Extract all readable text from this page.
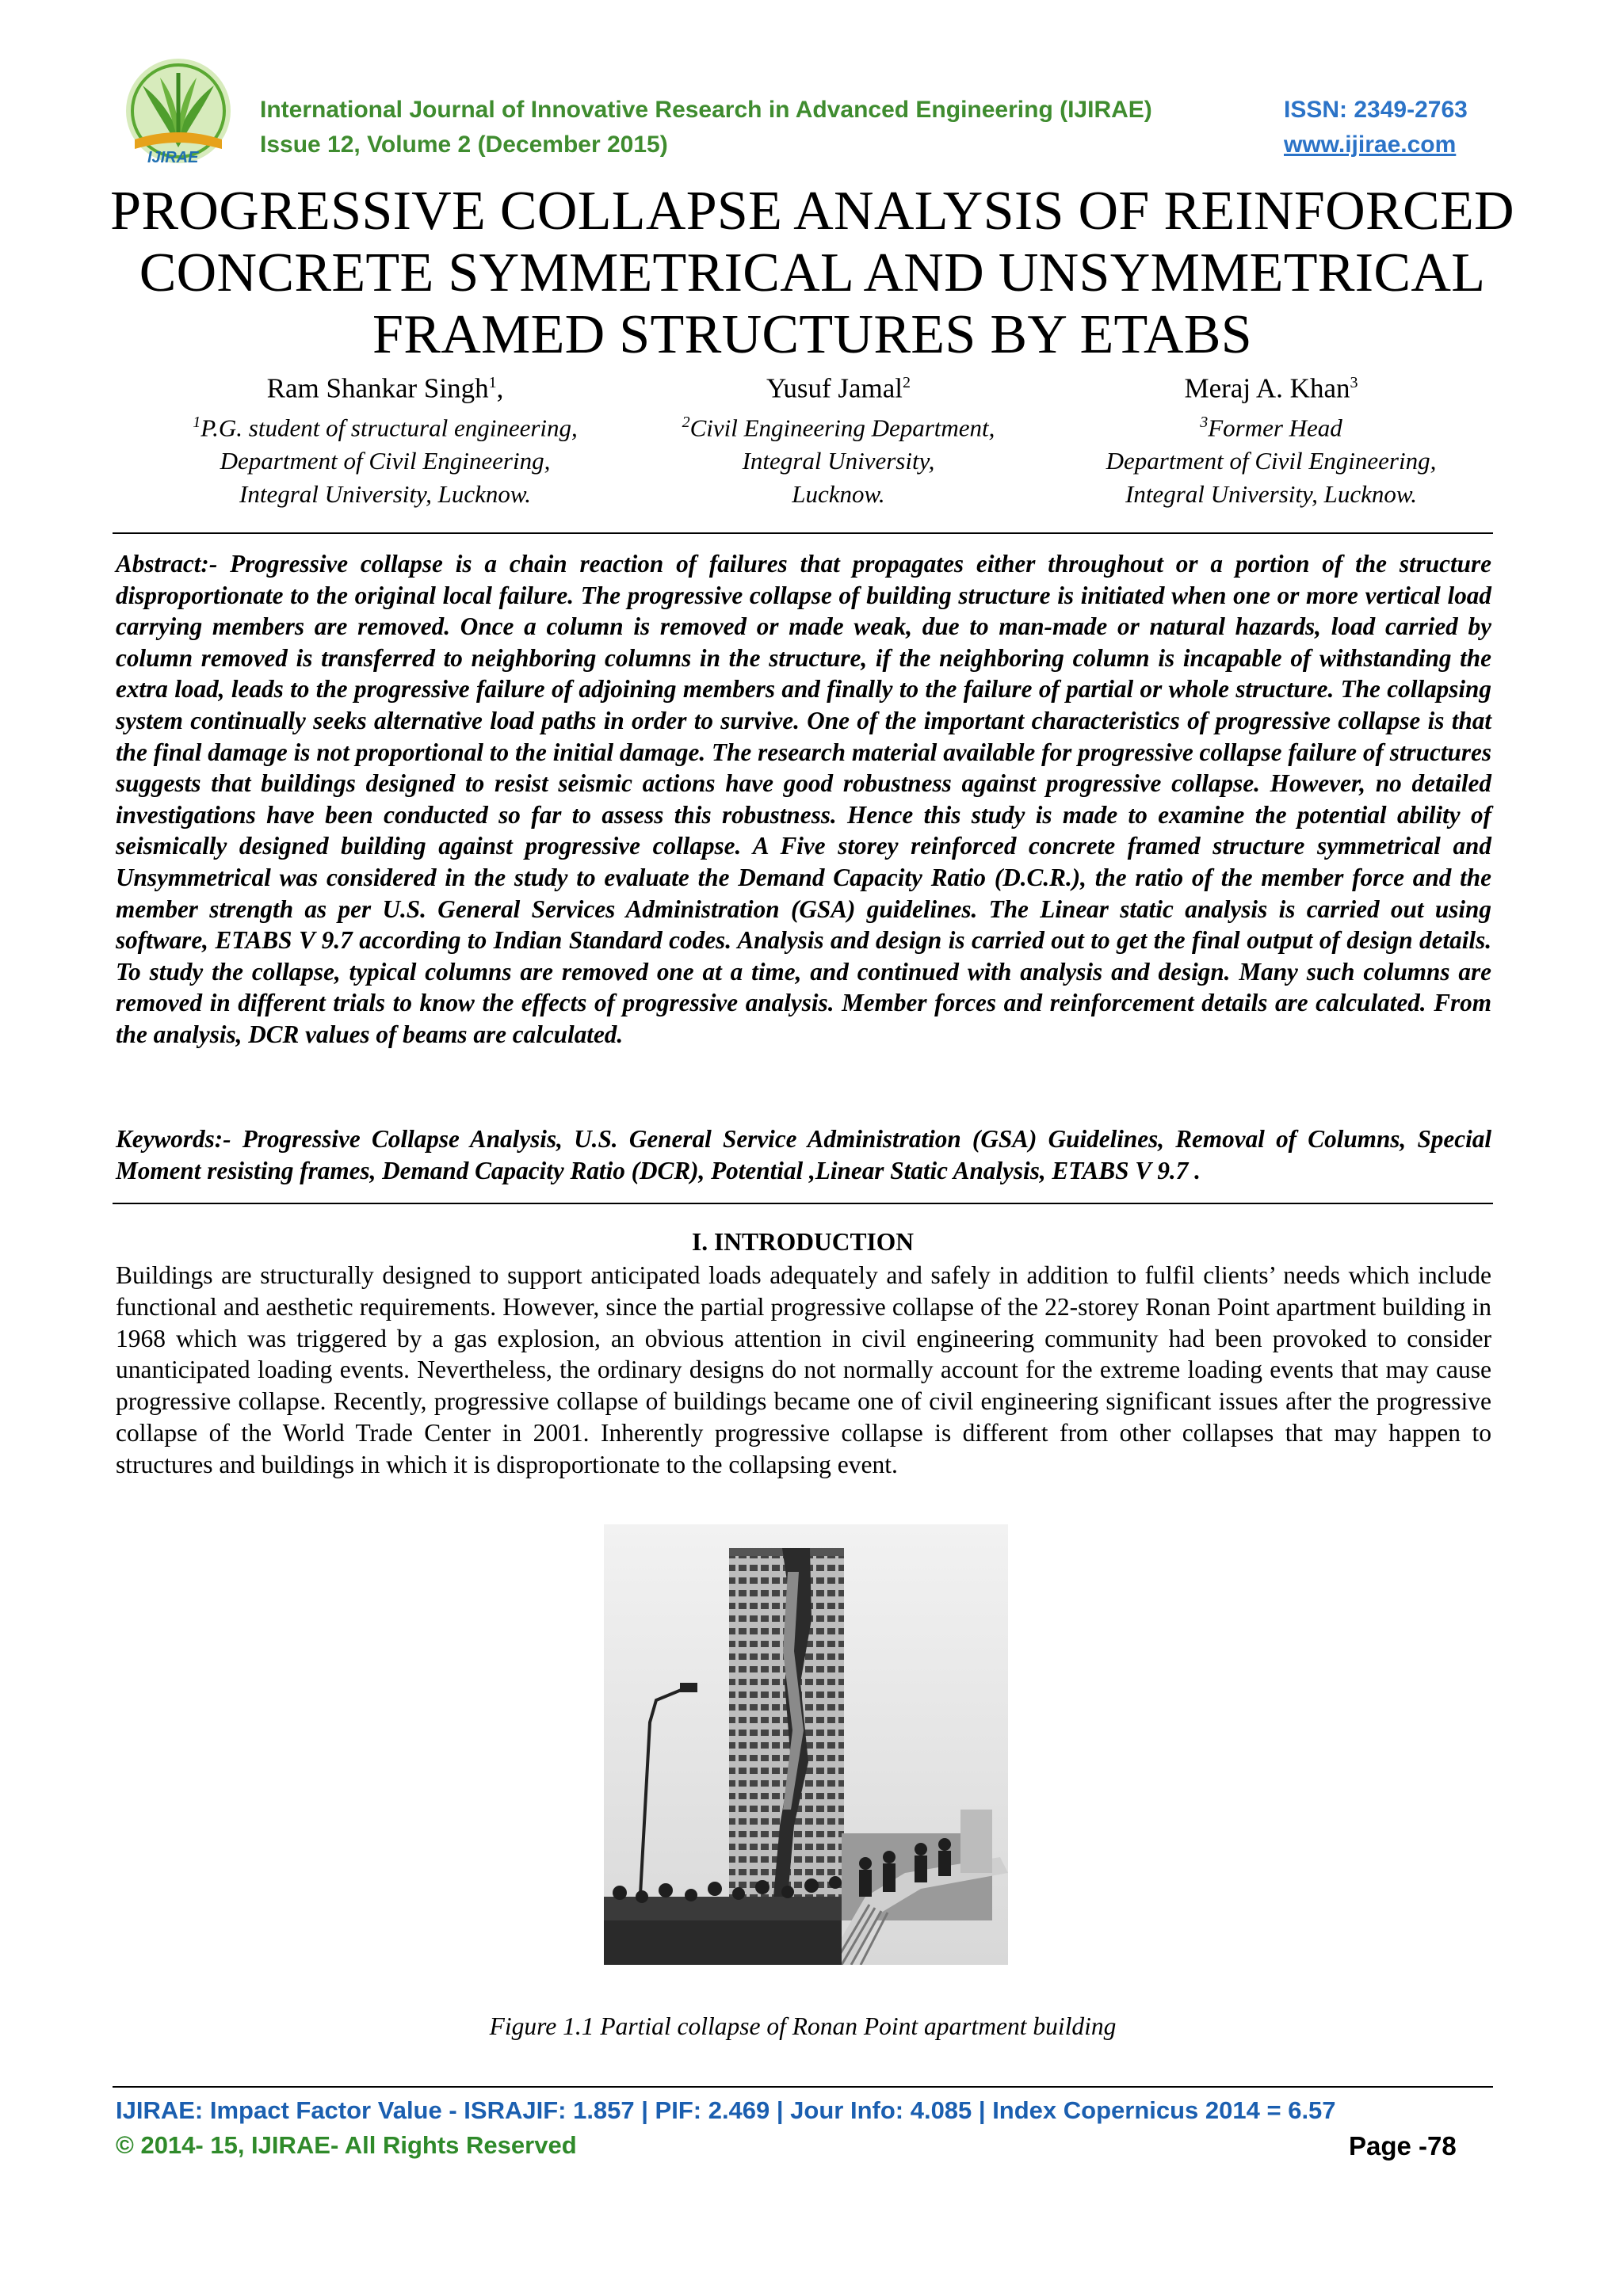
IJIRAE
International Journal of Innovative Research in Advanced Engineering (IJIRAE)
Issue 12, Volume 2 (December 2015)
ISSN: 2349-2763
www.ijirae.com
PROGRESSIVE COLLAPSE ANALYSIS OF REINFORCED
CONCRETE SYMMETRICAL AND UNSYMMETRICAL
FRAMED STRUCTURES BY ETABS
Ram Shankar Singh$^1$,
$^1$P.G. student of structural engineering,
Department of Civil Engineering,
Integral University, Lucknow.
Yusuf Jamal$^2$
$^2$Civil Engineering Department,
Integral University,
Lucknow.
Meraj A. Khan$^3$
$^3$Former Head
Department of Civil Engineering,
Integral University, Lucknow.
Abstract:- Progressive collapse is a chain reaction of failures that propagates either throughout or a portion of the structure disproportionate to the original local failure. The progressive collapse of building structure is initiated when one or more vertical load carrying members are removed. Once a column is removed or made weak, due to man-made or natural hazards, load carried by column removed is transferred to neighboring columns in the structure, if the neighboring column is incapable of withstanding the extra load, leads to the progressive failure of adjoining members and finally to the failure of partial or whole structure. The collapsing system continually seeks alternative load paths in order to survive. One of the important characteristics of progressive collapse is that the final damage is not proportional to the initial damage. The research material available for progressive collapse failure of structures suggests that buildings designed to resist seismic actions have good robustness against progressive collapse. However, no detailed investigations have been conducted so far to assess this robustness. Hence this study is made to examine the potential ability of seismically designed building against progressive collapse. A Five storey reinforced concrete framed structure symmetrical and Unsymmetrical was considered in the study to evaluate the Demand Capacity Ratio (D.C.R.), the ratio of the member force and the member strength as per U.S. General Services Administration (GSA) guidelines. The Linear static analysis is carried out using software, ETABS V 9.7 according to Indian Standard codes. Analysis and design is carried out to get the final output of design details. To study the collapse, typical columns are removed one at a time, and continued with analysis and design. Many such columns are removed in different trials to know the effects of progressive analysis. Member forces and reinforcement details are calculated. From the analysis, DCR values of beams are calculated.
Keywords:- Progressive Collapse Analysis, U.S. General Service Administration (GSA) Guidelines, Removal of Columns, Special Moment resisting frames, Demand Capacity Ratio (DCR), Potential ,Linear Static Analysis, ETABS V 9.7 .
I. INTRODUCTION
Buildings are structurally designed to support anticipated loads adequately and safely in addition to fulfil clients’ needs which include functional and aesthetic requirements. However, since the partial progressive collapse of the 22-storey Ronan Point apartment building in 1968 which was triggered by a gas explosion, an obvious attention in civil engineering community had been provoked to consider unanticipated loading events. Nevertheless, the ordinary designs do not normally account for the extreme loading events that may cause progressive collapse. Recently, progressive collapse of buildings became one of civil engineering significant issues after the progressive collapse of the World Trade Center in 2001. Inherently progressive collapse is different from other collapses that may happen to structures and buildings in which it is disproportionate to the collapsing event.
Figure 1.1 Partial collapse of Ronan Point apartment building
IJIRAE: Impact Factor Value - ISRAJIF: 1.857 | PIF: 2.469 | Jour Info: 4.085 | Index Copernicus 2014 = 6.57
© 2014- 15, IJIRAE- All Rights Reserved	Page -78
